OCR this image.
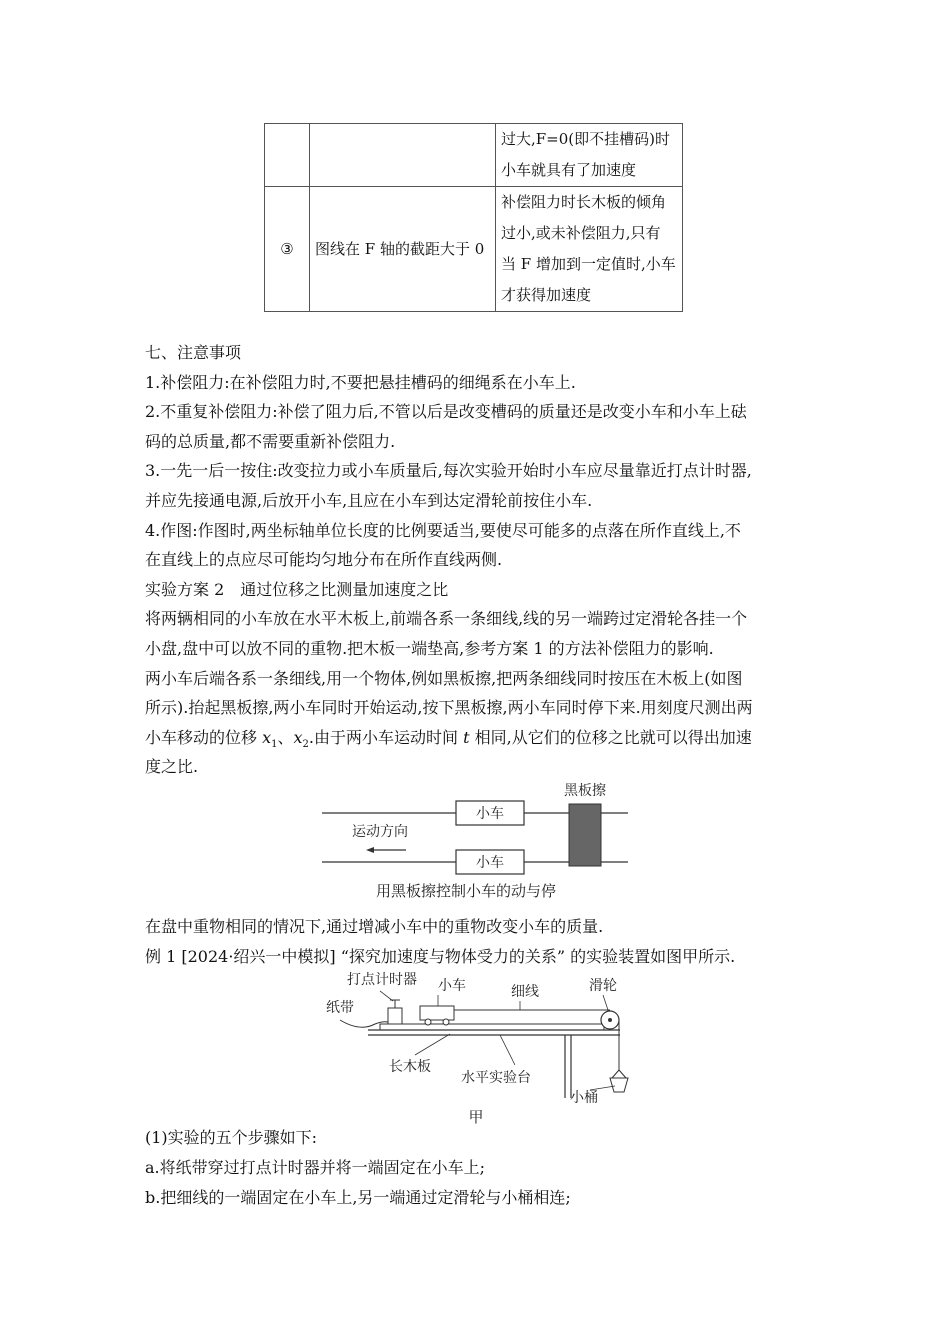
		过大,F=0(即不挂槽码)时
小车就具有了加速度

③	图线在 F 轴的截距大于 0	补偿阻力时长木板的倾角
过小,或未补偿阻力,只有
当 F 增加到一定值时,小车
才获得加速度
七、注意事项
1.补偿阻力:在补偿阻力时,不要把悬挂槽码的细绳系在小车上.
2.不重复补偿阻力:补偿了阻力后,不管以后是改变槽码的质量还是改变小车和小车上砝
码的总质量,都不需要重新补偿阻力.
3.一先一后一按住:改变拉力或小车质量后,每次实验开始时小车应尽量靠近打点计时器,
并应先接通电源,后放开小车,且应在小车到达定滑轮前按住小车.
4.作图:作图时,两坐标轴单位长度的比例要适当,要使尽可能多的点落在所作直线上,不
在直线上的点应尽可能均匀地分布在所作直线两侧.
实验方案 2　通过位移之比测量加速度之比
将两辆相同的小车放在水平木板上,前端各系一条细线,线的另一端跨过定滑轮各挂一个
小盘,盘中可以放不同的重物.把木板一端垫高,参考方案 1 的方法补偿阻力的影响.
两小车后端各系一条细线,用一个物体,例如黑板擦,把两条细线同时按压在木板上(如图
所示).抬起黑板擦,两小车同时开始运动,按下黑板擦,两小车同时停下来.用刻度尺测出两
小车移动的位移 $x_1$、$x_2$.由于两小车运动时间 t 相同,从它们的位移之比就可以得出加速
度之比.
小车
小车
黑板擦
运动方向
用黑板擦控制小车的动与停
在盘中重物相同的情况下,通过增减小车中的重物改变小车的质量.
例 1 [2024·绍兴一中模拟] “探究加速度与物体受力的关系” 的实验装置如图甲所示.
打点计时器 小车	细线	滑轮
纸带
长木板
水平实验台
小桶
甲
(1)实验的五个步骤如下:
a.将纸带穿过打点计时器并将一端固定在小车上;
b.把细线的一端固定在小车上,另一端通过定滑轮与小桶相连;
